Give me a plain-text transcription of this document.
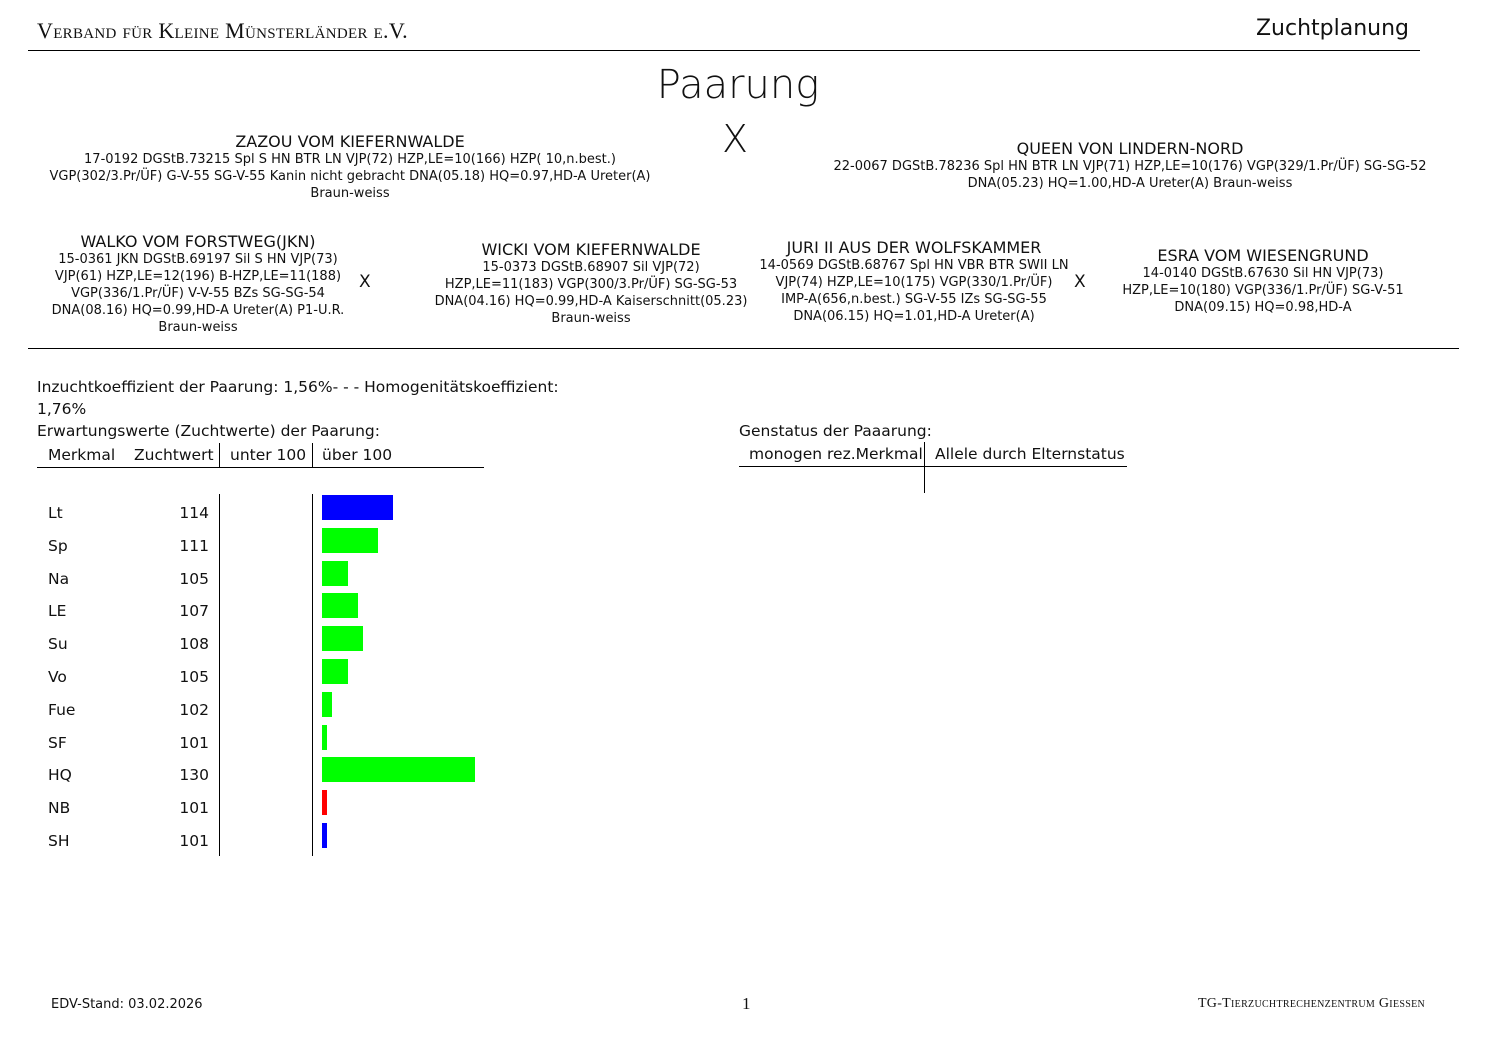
Verband für Kleine Münsterländer e.V.	Zuchtplanung
Paarung
X
ZAZOU VOM KIEFERNWALDE
17-0192 DGStB.73215 Spl S HN BTR LN VJP(72) HZP,LE=10(166) HZP( 10,n.best.)
VGP(302/3.Pr/ÜF) G-V-55 SG-V-55 Kanin nicht gebracht DNA(05.18) HQ=0.97,HD-A Ureter(A)
Braun-weiss
QUEEN VON LINDERN-NORD
22-0067 DGStB.78236 Spl HN BTR LN VJP(71) HZP,LE=10(176) VGP(329/1.Pr/ÜF) SG-SG-52
DNA(05.23) HQ=1.00,HD-A Ureter(A) Braun-weiss
WALKO VOM FORSTWEG(JKN)
15-0361 JKN DGStB.69197 Sil S HN VJP(73)
VJP(61) HZP,LE=12(196) B-HZP,LE=11(188)
VGP(336/1.Pr/ÜF) V-V-55 BZs SG-SG-54
DNA(08.16) HQ=0.99,HD-A Ureter(A) P1-U.R.
Braun-weiss
X
WICKI VOM KIEFERNWALDE
15-0373 DGStB.68907 Sil VJP(72)
HZP,LE=11(183) VGP(300/3.Pr/ÜF) SG-SG-53
DNA(04.16) HQ=0.99,HD-A Kaiserschnitt(05.23)
Braun-weiss
JURI II AUS DER WOLFSKAMMER
14-0569 DGStB.68767 Spl HN VBR BTR SWII LN
VJP(74) HZP,LE=10(175) VGP(330/1.Pr/ÜF)
IMP-A(656,n.best.) SG-V-55 IZs SG-SG-55
DNA(06.15) HQ=1.01,HD-A Ureter(A)
X
ESRA VOM WIESENGRUND
14-0140 DGStB.67630 Sil HN VJP(73)
HZP,LE=10(180) VGP(336/1.Pr/ÜF) SG-V-51
DNA(09.15) HQ=0.98,HD-A
Inzuchtkoeffizient der Paarung: 1,56%- - - Homogenitätskoeffizient:
1,76%
Erwartungswerte (Zuchtwerte) der Paarung:
Merkmal Zuchtwert unter 100 über 100
Lt	114
Sp	111
Na	105
LE	107
Su	108
Vo	105
Fue	102
SF	101
HQ	130
NB	101
SH	101
Genstatus der Paaarung:
monogen rez.Merkmal Allele durch Elternstatus
EDV-Stand: 03.02.2026	1	TG-Tierzuchtrechenzentrum Giessen
